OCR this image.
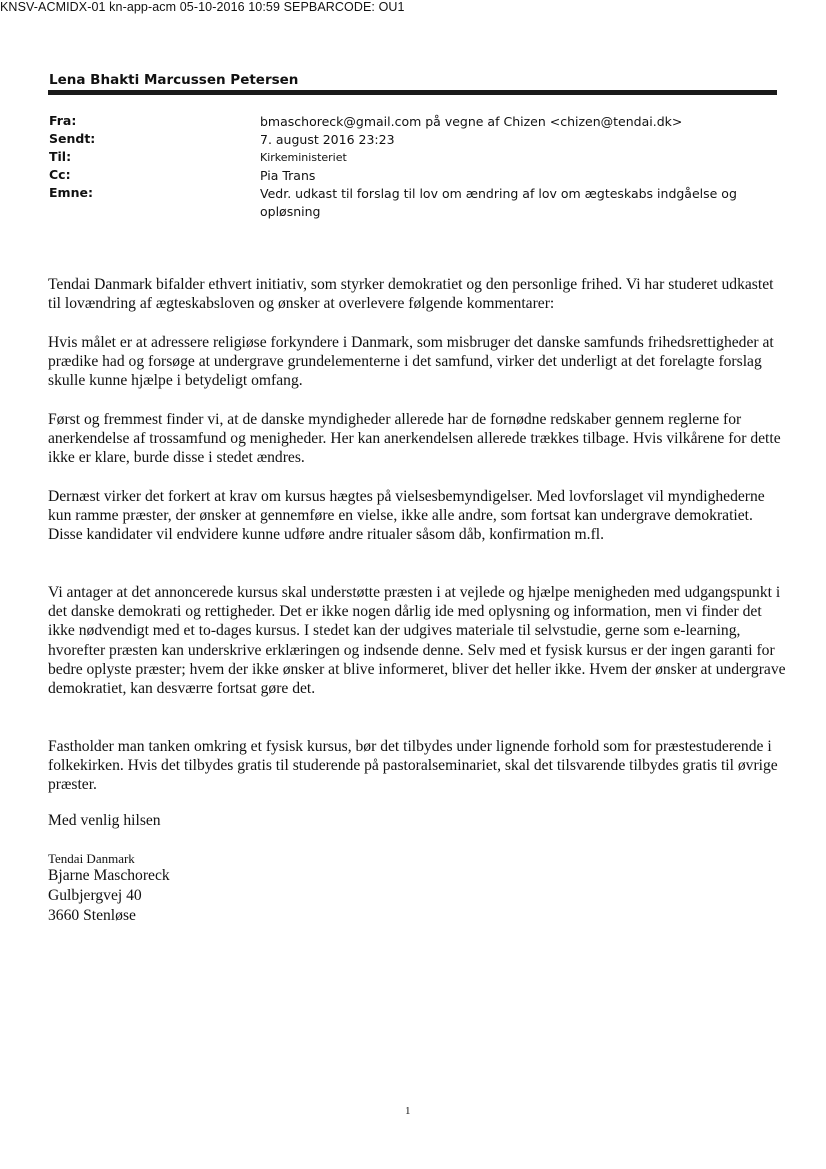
KNSV-ACMIDX-01 kn-app-acm 05-10-2016 10:59 SEPBARCODE: OU1
Lena Bhakti Marcussen Petersen
Fra:	bmaschoreck@gmail.com på vegne af Chizen <chizen@tendai.dk>
Sendt:	7. august 2016 23:23
Til:	Kirkeministeriet
Cc:	Pia Trans
Emne:	Vedr. udkast til forslag til lov om ændring af lov om ægteskabs indgåelse og opløsning

Tendai Danmark bifalder ethvert initiativ, som styrker demokratiet og den personlige frihed. Vi har studeret udkastet til lovændring af ægteskabsloven og ønsker at overlevere følgende kommentarer:

Hvis målet er at adressere religiøse forkyndere i Danmark, som misbruger det danske samfunds frihedsrettigheder at prædike had og forsøge at undergrave grundelementerne i det samfund, virker det underligt at det forelagte forslag skulle kunne hjælpe i betydeligt omfang.

Først og fremmest finder vi, at de danske myndigheder allerede har de fornødne redskaber gennem reglerne for anerkendelse af trossamfund og menigheder. Her kan anerkendelsen allerede trækkes tilbage. Hvis vilkårene for dette ikke er klare, burde disse i stedet ændres.

Dernæst virker det forkert at krav om kursus hægtes på vielsesbemyndigelser. Med lovforslaget vil myndighederne kun ramme præster, der ønsker at gennemføre en vielse, ikke alle andre, som fortsat kan undergrave demokratiet. Disse kandidater vil endvidere kunne udføre andre ritualer såsom dåb, konfirmation m.fl.

Vi antager at det annoncerede kursus skal understøtte præsten i at vejlede og hjælpe menigheden med udgangspunkt i det danske demokrati og rettigheder. Det er ikke nogen dårlig ide med oplysning og information, men vi finder det ikke nødvendigt med et to-dages kursus. I stedet kan der udgives materiale til selvstudie, gerne som e-learning, hvorefter præsten kan underskrive erklæringen og indsende denne. Selv med et fysisk kursus er der ingen garanti for bedre oplyste præster; hvem der ikke ønsker at blive informeret, bliver det heller ikke. Hvem der ønsker at undergrave demokratiet, kan desværre fortsat gøre det.

Fastholder man tanken omkring et fysisk kursus, bør det tilbydes under lignende forhold som for præstestuderende i folkekirken. Hvis det tilbydes gratis til studerende på pastoralseminariet, skal det tilsvarende tilbydes gratis til øvrige præster.

Med venlig hilsen

Tendai Danmark
Bjarne Maschoreck
Gulbjergvej 40
3660 Stenløse
1
